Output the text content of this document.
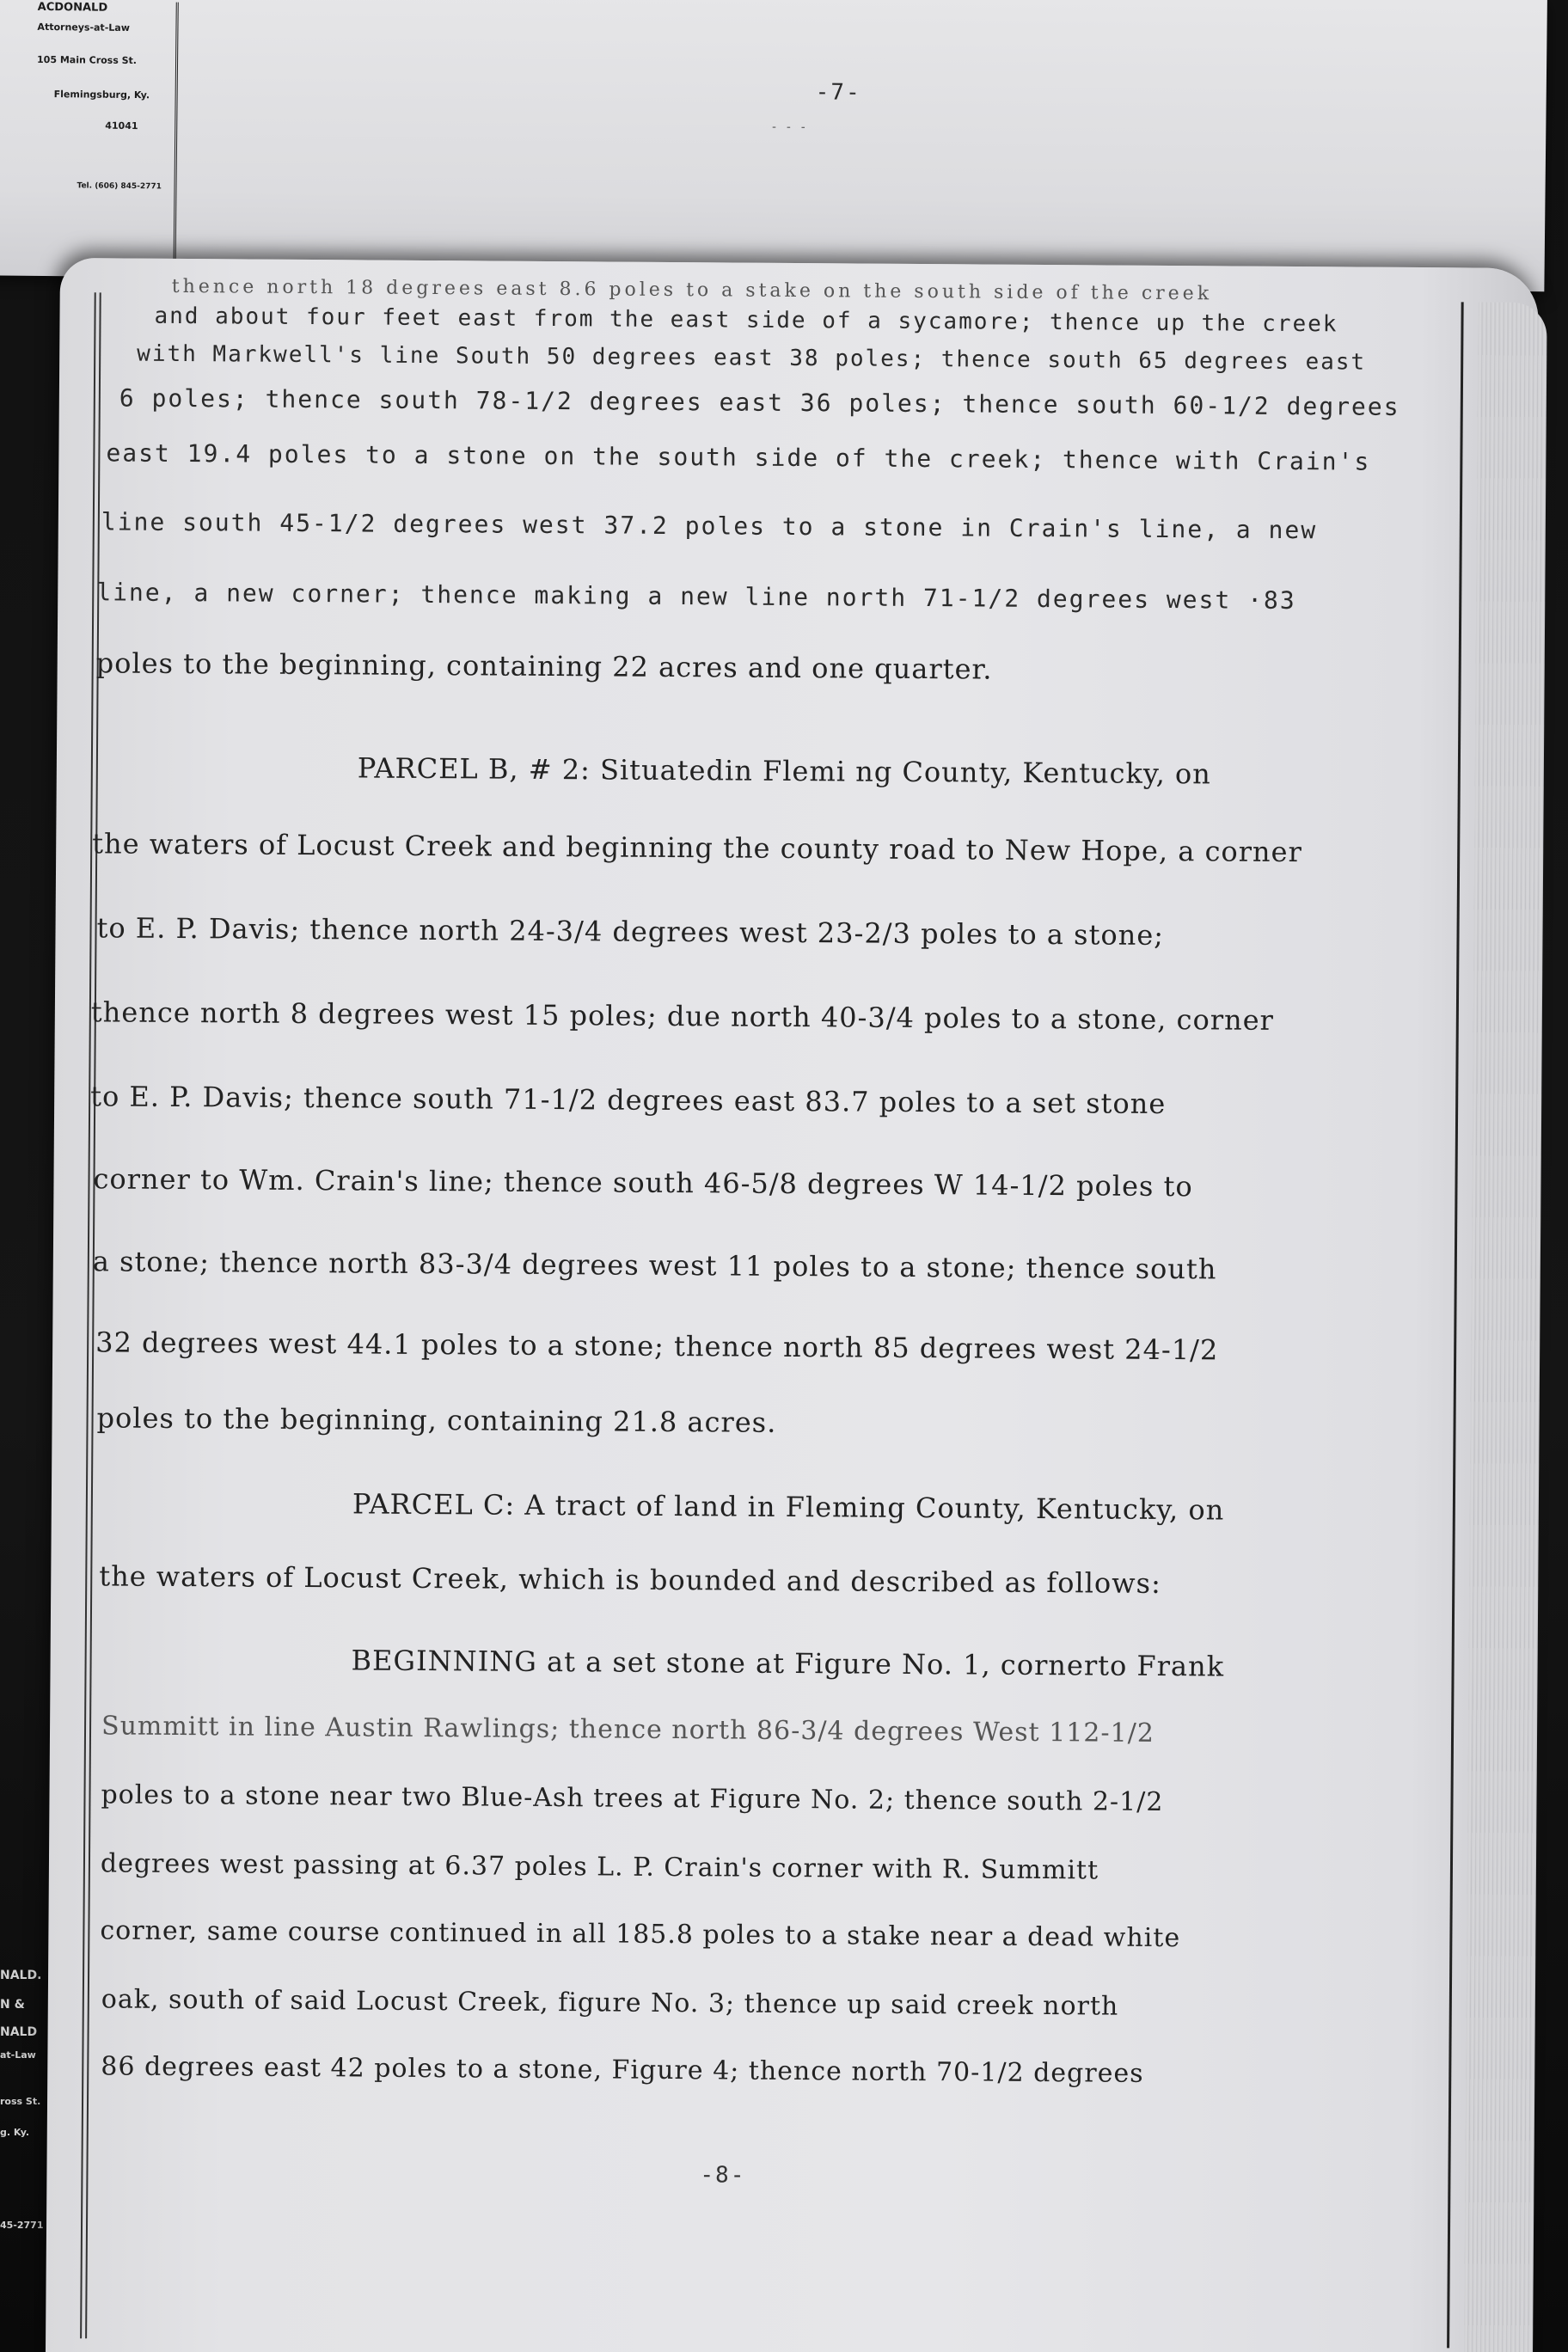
ACDONALD
Attorneys-at-Law
105 Main Cross St.
Flemingsburg, Ky.
41041
Tel. (606) 845-2771
-7-
- - -
NALD.
N &
NALD
at-Law
ross St.
g. Ky.
45-2771
thence north 18 degrees east 8.6 poles to a stake on the south side of the creek
and about four feet east from the east side of a sycamore; thence up the creek
with Markwell's line South 50 degrees east 38 poles; thence south 65 degrees east
6 poles; thence south 78-1/2 degrees east 36 poles; thence south 60-1/2 degrees
east 19.4 poles to a stone on the south side of the creek; thence with Crain's
line south 45-1/2 degrees west 37.2 poles to a stone in Crain's line, a new
line, a new corner; thence making a new line north 71-1/2 degrees west ·83
poles to the beginning, containing 22 acres and one quarter.
PARCEL B, # 2: Situatedin Flemi ng County, Kentucky, on
the waters of Locust Creek and beginning the county road to New Hope, a corner
to E. P. Davis; thence north 24-3/4 degrees west 23-2/3 poles to a stone;
thence north 8 degrees west 15 poles; due north 40-3/4 poles to a stone, corner
to E. P. Davis; thence south 71-1/2 degrees east 83.7 poles to a set stone
corner to Wm. Crain's line; thence south 46-5/8 degrees W 14-1/2 poles to
a stone; thence north 83-3/4 degrees west 11 poles to a stone; thence south
32 degrees west 44.1 poles to a stone; thence north 85 degrees west 24-1/2
poles to the beginning, containing 21.8 acres.
PARCEL C: A tract of land in Fleming County, Kentucky, on
the waters of Locust Creek, which is bounded and described as follows:
BEGINNING at a set stone at Figure No. 1, cornerto Frank
Summitt in line Austin Rawlings; thence north 86-3/4 degrees West 112-1/2
poles to a stone near two Blue-Ash trees at Figure No. 2; thence south 2-1/2
degrees west passing at 6.37 poles L. P. Crain's corner with R. Summitt
corner, same course continued in all 185.8 poles to a stake near a dead white
oak, south of said Locust Creek, figure No. 3; thence up said creek north
86 degrees east 42 poles to a stone, Figure 4; thence north 70-1/2 degrees
-8-
